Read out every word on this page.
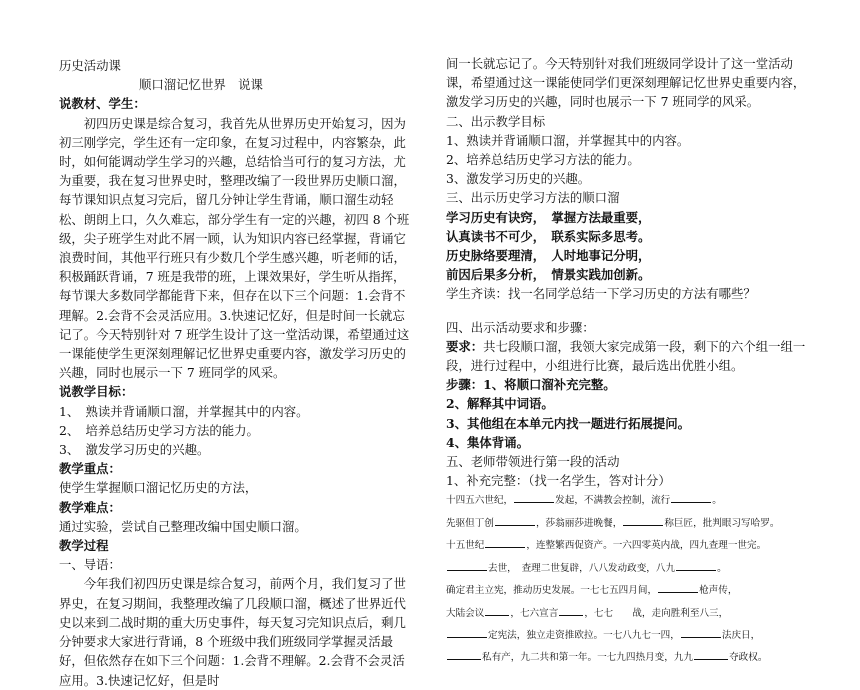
历史活动课

顺口溜记忆世界　说课

说教材、学生：

初四历史课是综合复习，我首先从世界历史开始复习，因为初三刚学完，学生还有一定印象，在复习过程中，内容繁杂，此时，如何能调动学生学习的兴趣，总结恰当可行的复习方法，尤为重要，我在复习世界史时，整理改编了一段世界历史顺口溜，每节课知识点复习完后，留几分钟让学生背诵，顺口溜生动轻松、朗朗上口，久久难忘，部分学生有一定的兴趣，初四 8 个班级，尖子班学生对此不屑一顾，认为知识内容已经掌握，背诵它浪费时间，其他平行班只有少数几个学生感兴趣，听老师的话，积极踊跃背诵，7 班是我带的班，上课效果好，学生听从指挥，每节课大多数同学都能背下来，但存在以下三个问题：1.会背不理解。2.会背不会灵活应用。3.快速记忆好，但是时间一长就忘记了。今天特别针对 7 班学生设计了这一堂活动课，希望通过这一课能使学生更深刻理解记忆世界史重要内容，激发学习历史的兴趣，同时也展示一下 7 班同学的风采。

说教学目标：

1、　熟读并背诵顺口溜，并掌握其中的内容。

2、　培养总结历史学习方法的能力。

3、　激发学习历史的兴趣。

教学重点：

使学生掌握顺口溜记忆历史的方法，

教学难点：

通过实验，尝试自己整理改编中国史顺口溜。

教学过程

一、导语：

今年我们初四历史课是综合复习，前两个月，我们复习了世界史，在复习期间，我整理改编了几段顺口溜，概述了世界近代史以来到二战时期的重大历史事件，每天复习完知识点后，剩几分钟要求大家进行背诵，8 个班级中我们班级同学掌握灵活最好，但依然存在如下三个问题：1.会背不理解。2.会背不会灵活应用。3.快速记忆好，但是时

间一长就忘记了。今天特别针对我们班级同学设计了这一堂活动课，希望通过这一课能使同学们更深刻理解记忆世界史重要内容，激发学习历史的兴趣，同时也展示一下 7 班同学的风采。

二、出示教学目标

1、熟读并背诵顺口溜，并掌握其中的内容。

2、培养总结历史学习方法的能力。

3、激发学习历史的兴趣。

三、出示历史学习方法的顺口溜

学习历史有诀窍，　掌握方法最重要，

认真读书不可少，　联系实际多思考。

历史脉络要理清，　人时地事记分明，

前因后果多分析，　情景实践加创新。

学生齐读：找一名同学总结一下学习历史的方法有哪些？

四、出示活动要求和步骤：

要求：共七段顺口溜，我领大家完成第一段，剩下的六个组一组一段，进行过程中，小组进行比赛，最后选出优胜小组。

步骤：1、将顺口溜补充完整。

2、解释其中词语。

3、其他组在本单元内找一题进行拓展提问。

4、集体背诵。

五、老师带领进行第一段的活动

1、补充完整：（找一名学生，答对计分）

十四五六世纪，	发起，不满教会控制，流行	。

先驱但丁创	，莎翁丽莎进晚餐，	称巨匠，批判眼习写哈罗。

十五世纪	，连整繁西促资产。一六四零英内战，四九查理一世完。

去世，　查理二世复辟，八八发动政变，八九	。

确定君主立宪，推动历史发展。一七七五四月间，	枪声传，

大陆会议	，七六宣言	，七七　　战，走向胜利至八三，

定宪法，独立走资推欧拉。一七八九七一四，	法庆日，

私有产，九二共和第一年。一七九四热月变，九九	夺政权。
